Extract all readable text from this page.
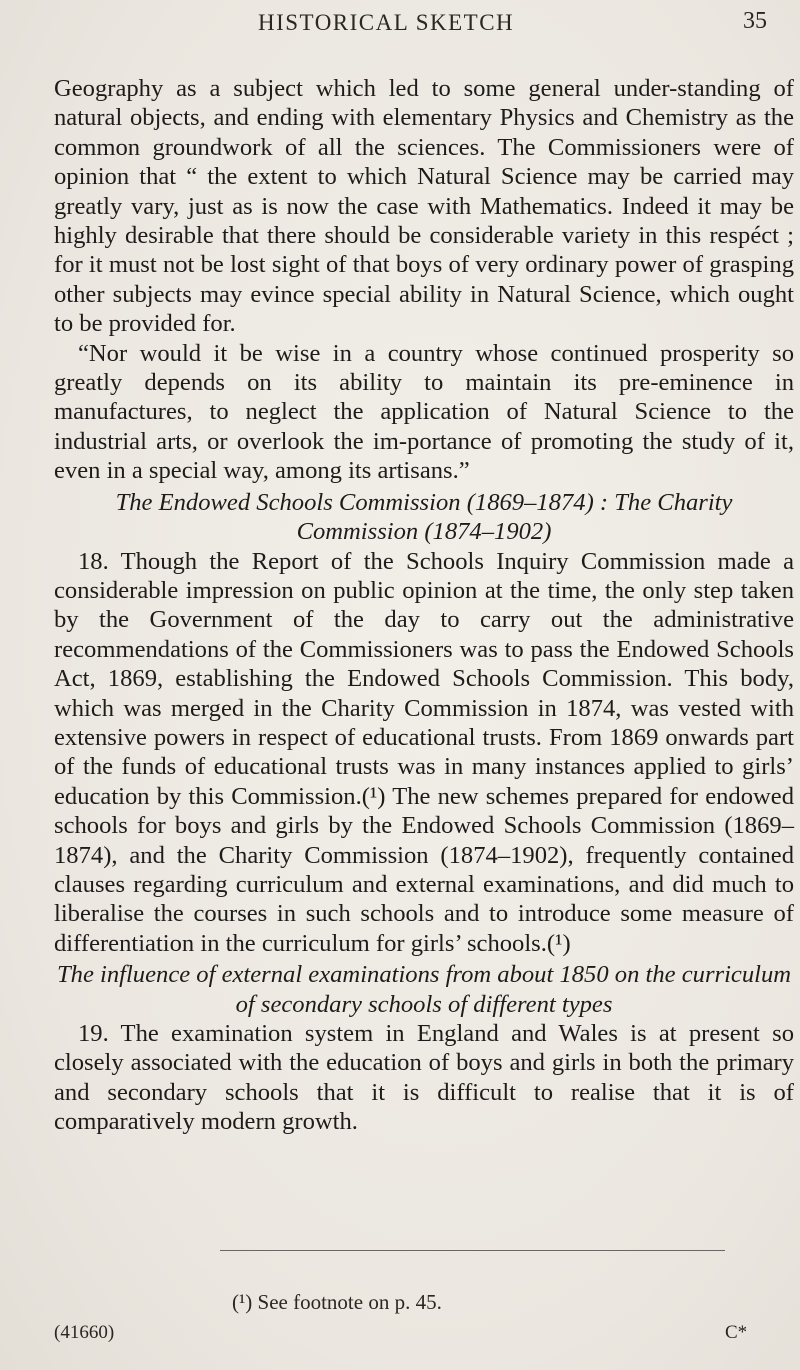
HISTORICAL SKETCH	35

Geography as a subject which led to some general under-standing of natural objects, and ending with elementary Physics and Chemistry as the common groundwork of all the sciences. The Commissioners were of opinion that “ the extent to which Natural Science may be carried may greatly vary, just as is now the case with Mathematics. Indeed it may be highly desirable that there should be considerable variety in this respéct ; for it must not be lost sight of that boys of very ordinary power of grasping other subjects may evince special ability in Natural Science, which ought to be provided for.

“Nor would it be wise in a country whose continued prosperity so greatly depends on its ability to maintain its pre-eminence in manufactures, to neglect the application of Natural Science to the industrial arts, or overlook the im-portance of promoting the study of it, even in a special way, among its artisans.”

The Endowed Schools Commission (1869–1874) : The Charity Commission (1874–1902)

18. Though the Report of the Schools Inquiry Commission made a considerable impression on public opinion at the time, the only step taken by the Government of the day to carry out the administrative recommendations of the Commissioners was to pass the Endowed Schools Act, 1869, establishing the Endowed Schools Commission. This body, which was merged in the Charity Commission in 1874, was vested with extensive powers in respect of educational trusts. From 1869 onwards part of the funds of educational trusts was in many instances applied to girls’ education by this Commission.(¹) The new schemes prepared for endowed schools for boys and girls by the Endowed Schools Commission (1869–1874), and the Charity Commission (1874–1902), frequently contained clauses regarding curriculum and external examinations, and did much to liberalise the courses in such schools and to introduce some measure of differentiation in the curriculum for girls’ schools.(¹)

The influence of external examinations from about 1850 on the curriculum of secondary schools of different types

19. The examination system in England and Wales is at present so closely associated with the education of boys and girls in both the primary and secondary schools that it is difficult to realise that it is of comparatively modern growth.

(¹) See footnote on p. 45.
(41660)	C*
